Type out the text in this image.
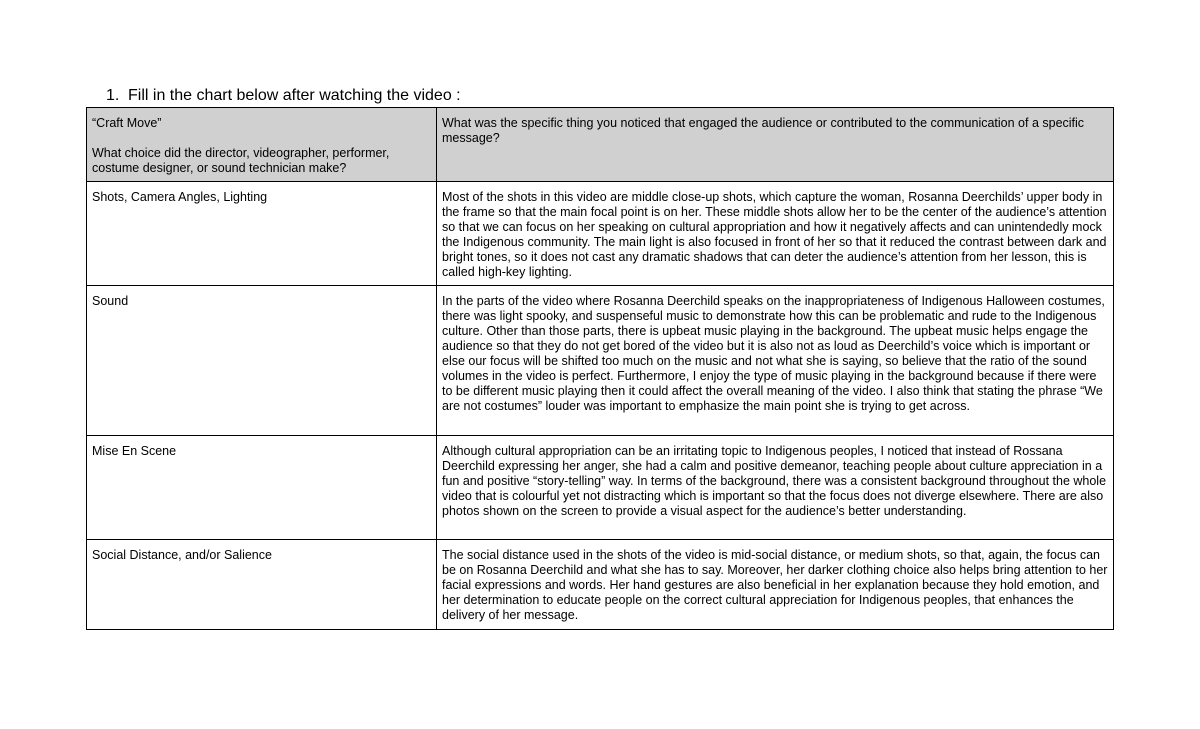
1. Fill in the chart below after watching the video :
“Craft Move”
What choice did the director, videographer, performer, costume designer, or sound technician make?	What was the specific thing you noticed that engaged the audience or contributed to the communication of a specific message?
Shots, Camera Angles, Lighting	Most of the shots in this video are middle close-up shots, which capture the woman, Rosanna Deerchilds’ upper body in the frame so that the main focal point is on her. These middle shots allow her to be the center of the audience’s attention so that we can focus on her speaking on cultural appropriation and how it negatively affects and can unintendedly mock the Indigenous community. The main light is also focused in front of her so that it reduced the contrast between dark and bright tones, so it does not cast any dramatic shadows that can deter the audience’s attention from her lesson, this is called high-key lighting.
Sound	In the parts of the video where Rosanna Deerchild speaks on the inappropriateness of Indigenous Halloween costumes, there was light spooky, and suspenseful music to demonstrate how this can be problematic and rude to the Indigenous culture. Other than those parts, there is upbeat music playing in the background. The upbeat music helps engage the audience so that they do not get bored of the video but it is also not as loud as Deerchild’s voice which is important or else our focus will be shifted too much on the music and not what she is saying, so believe that the ratio of the sound volumes in the video is perfect. Furthermore, I enjoy the type of music playing in the background because if there were to be different music playing then it could affect the overall meaning of the video. I also think that stating the phrase “We are not costumes” louder was important to emphasize the main point she is trying to get across.
Mise En Scene	Although cultural appropriation can be an irritating topic to Indigenous peoples, I noticed that instead of Rossana Deerchild expressing her anger, she had a calm and positive demeanor, teaching people about culture appreciation in a fun and positive “story-telling” way. In terms of the background, there was a consistent background throughout the whole video that is colourful yet not distracting which is important so that the focus does not diverge elsewhere. There are also photos shown on the screen to provide a visual aspect for the audience’s better understanding.
Social Distance, and/or Salience	The social distance used in the shots of the video is mid-social distance, or medium shots, so that, again, the focus can be on Rosanna Deerchild and what she has to say. Moreover, her darker clothing choice also helps bring attention to her facial expressions and words. Her hand gestures are also beneficial in her explanation because they hold emotion, and her determination to educate people on the correct cultural appreciation for Indigenous peoples, that enhances the delivery of her message.
